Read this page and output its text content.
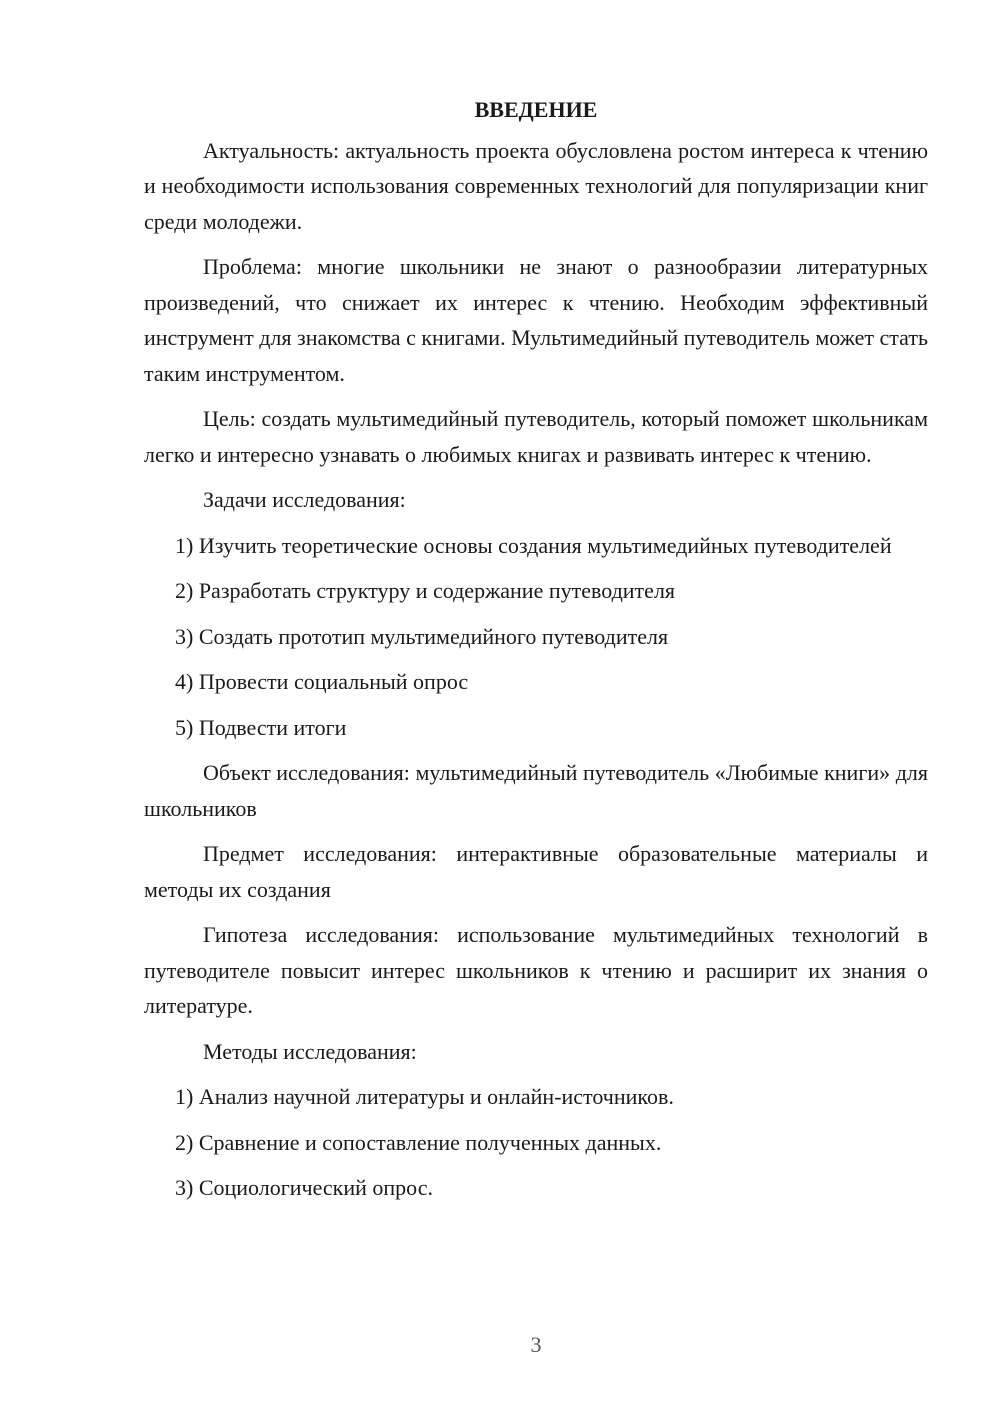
ВВЕДЕНИЕ
Актуальность: актуальность проекта обусловлена ростом интереса к чтению и необходимости использования современных технологий для популяризации книг среди молодежи.
Проблема: многие школьники не знают о разнообразии литературных произведений, что снижает их интерес к чтению. Необходим эффективный инструмент для знакомства с книгами. Мультимедийный путеводитель может стать таким инструментом.
Цель: создать мультимедийный путеводитель, который поможет школьникам легко и интересно узнавать о любимых книгах и развивать интерес к чтению.
Задачи исследования:
1) Изучить теоретические основы создания мультимедийных путеводителей
2) Разработать структуру и содержание путеводителя
3) Создать прототип мультимедийного путеводителя
4) Провести социальный опрос
5) Подвести итоги
Объект исследования: мультимедийный путеводитель «Любимые книги» для школьников
Предмет исследования: интерактивные образовательные материалы и методы их создания
Гипотеза исследования: использование мультимедийных технологий в путеводителе повысит интерес школьников к чтению и расширит их знания о литературе.
Методы исследования:
1) Анализ научной литературы и онлайн-источников.
2) Сравнение и сопоставление полученных данных.
3) Социологический опрос.
3
